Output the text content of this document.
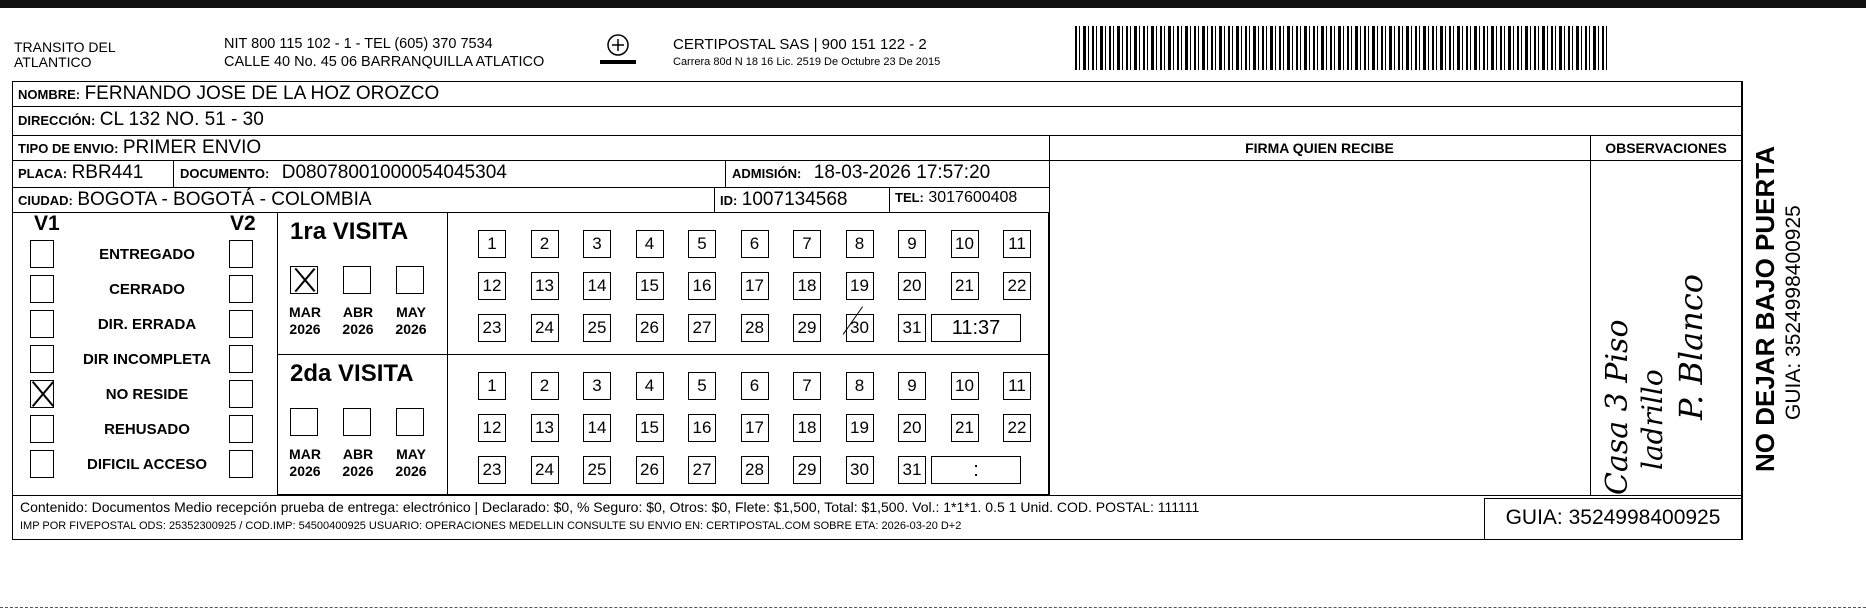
TRANSITO DEL
ATLANTICO
NIT 800 115 102 - 1 - TEL (605) 370 7534
CALLE 40 No. 45 06 BARRANQUILLA ATLATICO
CERTIPOSTAL SAS | 900 151 122 - 2
Carrera 80d N 18 16 Lic. 2519 De Octubre 23 De 2015
NOMBRE: FERNANDO JOSE DE LA HOZ OROZCO
DIRECCIÓN: CL 132 NO. 51 - 30
TIPO DE ENVIO: PRIMER ENVIO	FIRMA QUIEN RECIBE	OBSERVACIONES
PLACA: RBR441	DOCUMENTO: D08078001000054045304	ADMISIÓN: 18-03-2026 17:57:20
CIUDAD: BOGOTA - BOGOTÁ - COLOMBIA	ID: 1007134568	TEL: 3017600408
V1	V2
ENTREGADO
CERRADO
DIR. ERRADA
DIR INCOMPLETA
NO RESIDE
REHUSADO
DIFICIL ACCESO
1ra VISITA
MAR
2026
ABR
2026
MAY
2026
1	2	3	4	5	6	7	8	9	10	11
12 13 14 15 16 17 18 19 20 21 22
23 24 25 26 27 28 29 30 31	11:37
2da VISITA
MAR
2026
ABR
2026
MAY
2026
1	2	3	4	5	6	7	8	9	10	11
12 13 14 15 16 17 18 19 20 21 22
23 24 25 26 27 28 29 30 31	:	Casa 3 Piso ladrillo P. Blanco
Contenido: Documentos Medio recepción prueba de entrega: electrónico | Declarado: $0, % Seguro: $0, Otros: $0, Flete: $1,500, Total: $1,500. Vol.: 1*1*1. 0.5 1 Unid. COD. POSTAL: 111111
IMP POR FIVEPOSTAL ODS: 25352300925 / COD.IMP: 54500400925 USUARIO: OPERACIONES MEDELLIN CONSULTE SU ENVIO EN: CERTIPOSTAL.COM SOBRE ETA: 2026-03-20 D+2	GUIA: 3524998400925
NO DEJAR BAJO PUERTA GUIA: 3524998400925
